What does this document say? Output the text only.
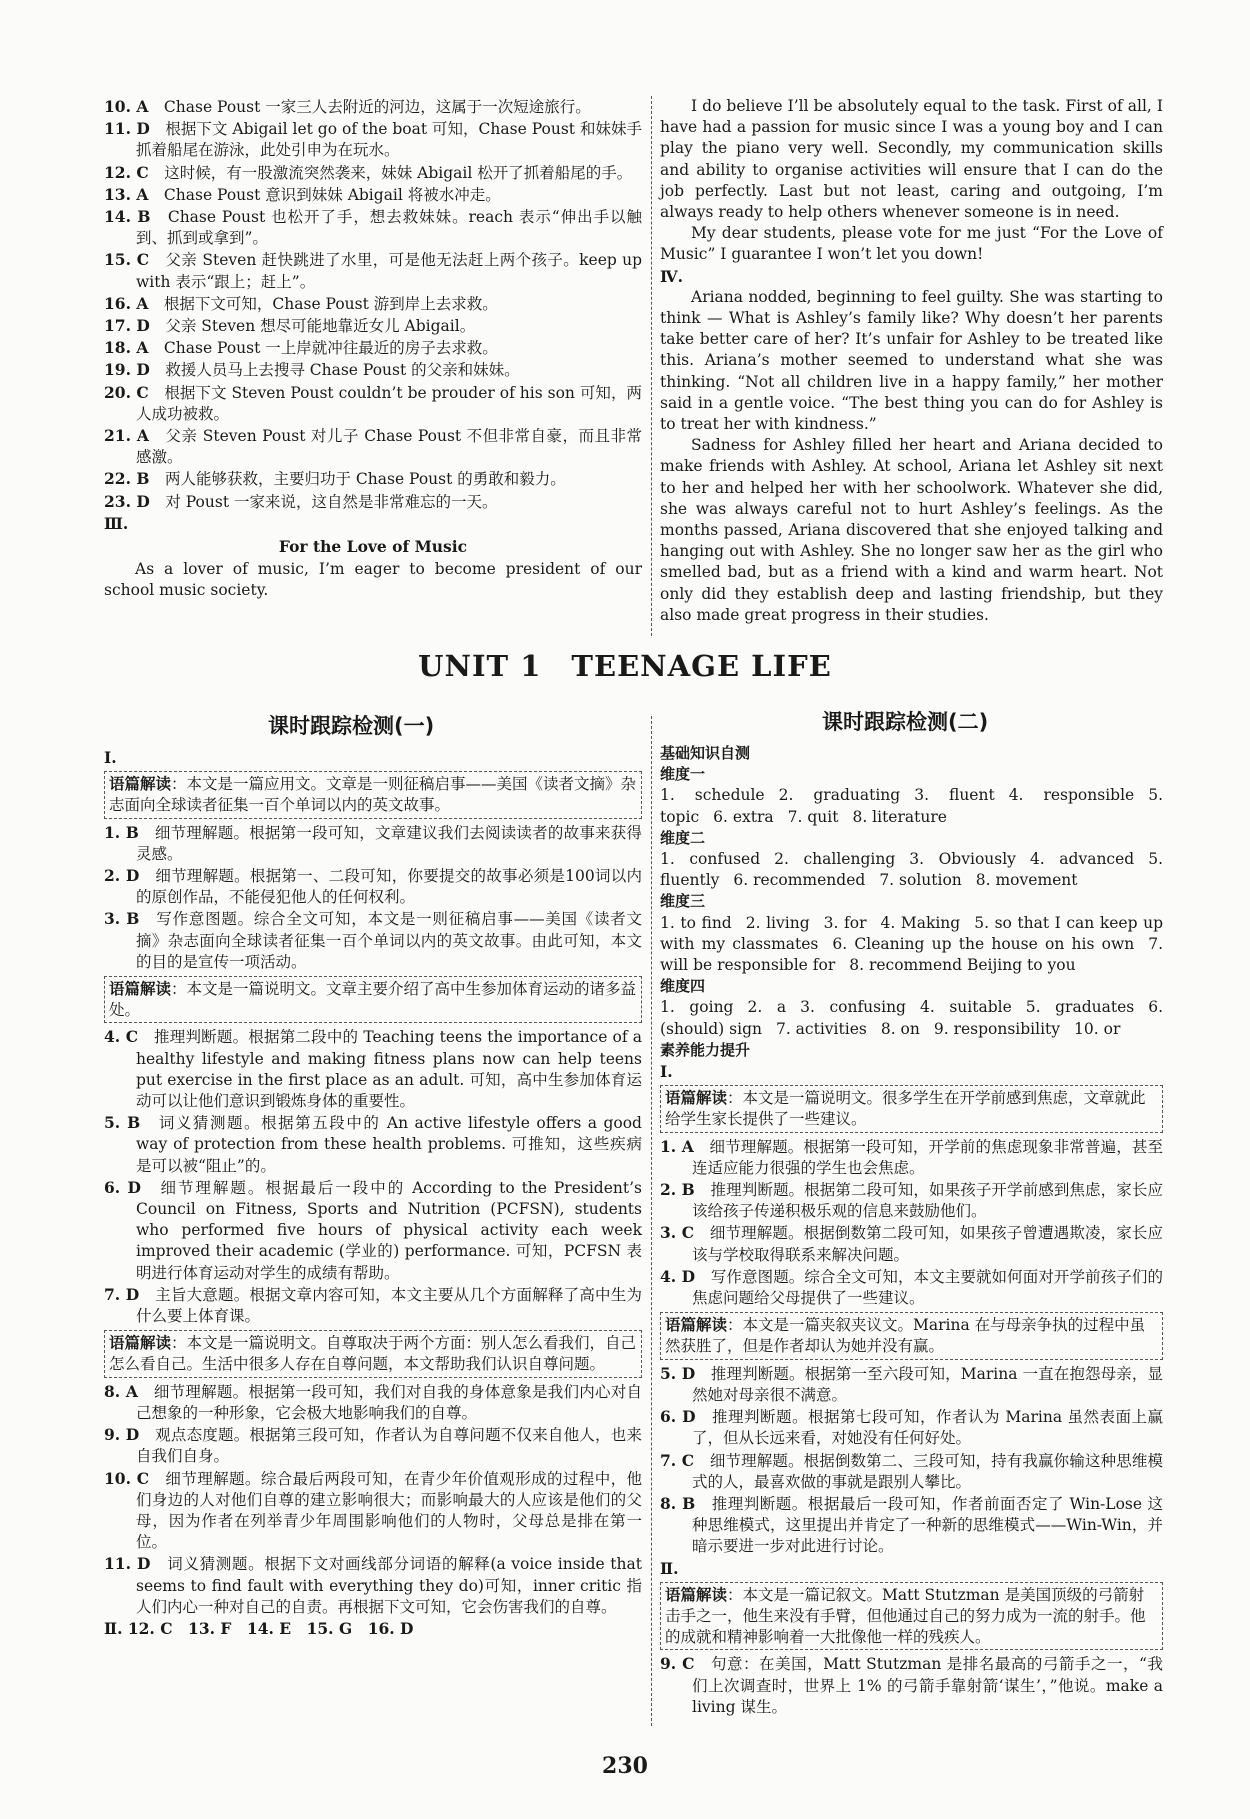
10. A　 Chase Poust 一家三人去附近的河边，这属于一次短途旅行。

11. D　 根据下文 Abigail let go of the boat 可知，Chase Poust 和妹妹手抓着船尾在游泳，此处引申为在玩水。

12. C　 这时候，有一股激流突然袭来，妹妹 Abigail 松开了抓着船尾的手。

13. A　 Chase Poust 意识到妹妹 Abigail 将被水冲走。

14. B　 Chase Poust 也松开了手，想去救妹妹。reach 表示“伸出手以触到、抓到或拿到”。

15. C　 父亲 Steven 赶快跳进了水里，可是他无法赶上两个孩子。keep up with 表示“跟上；赶上”。

16. A　 根据下文可知，Chase Poust 游到岸上去求救。

17. D　 父亲 Steven 想尽可能地靠近女儿 Abigail。

18. A　 Chase Poust 一上岸就冲往最近的房子去求救。

19. D　 救援人员马上去搜寻 Chase Poust 的父亲和妹妹。

20. C　 根据下文 Steven Poust couldn’t be prouder of his son 可知，两人成功被救。

21. A　 父亲 Steven Poust 对儿子 Chase Poust 不但非常自豪，而且非常感激。

22. B　 两人能够获救，主要归功于 Chase Poust 的勇敢和毅力。

23. D　 对 Poust 一家来说，这自然是非常难忘的一天。

Ⅲ.

For the Love of Music

As a lover of music, I’m eager to become president of our school music society.

I do believe I’ll be absolutely equal to the task. First of all, I have had a passion for music since I was a young boy and I can play the piano very well. Secondly, my communication skills and ability to organise activities will ensure that I can do the job perfectly. Last but not least, caring and outgoing, I’m always ready to help others whenever someone is in need.

My dear students, please vote for me just “For the Love of Music” I guarantee I won’t let you down!

Ⅳ.

Ariana nodded, beginning to feel guilty. She was starting to think — What is Ashley’s family like? Why doesn’t her parents take better care of her? It’s unfair for Ashley to be treated like this. Ariana’s mother seemed to understand what she was thinking. “Not all children live in a happy family,” her mother said in a gentle voice. “The best thing you can do for Ashley is to treat her with kindness.”

Sadness for Ashley filled her heart and Ariana decided to make friends with Ashley. At school, Ariana let Ashley sit next to her and helped her with her schoolwork. Whatever she did, she was always careful not to hurt Ashley’s feelings. As the months passed, Ariana discovered that she enjoyed talking and hanging out with Ashley. She no longer saw her as the girl who smelled bad, but as a friend with a kind and warm heart. Not only did they establish deep and lasting friendship, but they also made great progress in their studies.

UNIT 1　TEENAGE LIFE
课时跟踪检测(一)	课时跟踪检测(二)

Ⅰ.

语篇解读：本文是一篇应用文。文章是一则征稿启事——美国《读者文摘》杂志面向全球读者征集一百个单词以内的英文故事。

1. B　 细节理解题。根据第一段可知，文章建议我们去阅读读者的故事来获得灵感。

2. D　 细节理解题。根据第一、二段可知，你要提交的故事必须是100词以内的原创作品，不能侵犯他人的任何权利。

3. B　 写作意图题。综合全文可知，本文是一则征稿启事——美国《读者文摘》杂志面向全球读者征集一百个单词以内的英文故事。由此可知，本文的目的是宣传一项活动。

语篇解读：本文是一篇说明文。文章主要介绍了高中生参加体育运动的诸多益处。

4. C　 推理判断题。根据第二段中的 Teaching teens the importance of a healthy lifestyle and making fitness plans now can help teens put exercise in the first place as an adult. 可知，高中生参加体育运动可以让他们意识到锻炼身体的重要性。

5. B　 词义猜测题。根据第五段中的 An active lifestyle offers a good way of protection from these health problems. 可推知，这些疾病是可以被“阻止”的。

6. D　 细节理解题。根据最后一段中的 According to the President’s Council on Fitness, Sports and Nutrition (PCFSN), students who performed five hours of physical activity each week improved their academic (学业的) performance. 可知，PCFSN 表明进行体育运动对学生的成绩有帮助。

7. D　 主旨大意题。根据文章内容可知，本文主要从几个方面解释了高中生为什么要上体育课。

语篇解读：本文是一篇说明文。自尊取决于两个方面：别人怎么看我们，自己怎么看自己。生活中很多人存在自尊问题，本文帮助我们认识自尊问题。

8. A　 细节理解题。根据第一段可知，我们对自我的身体意象是我们内心对自己想象的一种形象，它会极大地影响我们的自尊。

9. D　 观点态度题。根据第三段可知，作者认为自尊问题不仅来自他人，也来自我们自身。

10. C　 细节理解题。综合最后两段可知，在青少年价值观形成的过程中，他们身边的人对他们自尊的建立影响很大；而影响最大的人应该是他们的父母，因为作者在列举青少年周围影响他们的人物时，父母总是排在第一位。

11. D　 词义猜测题。根据下文对画线部分词语的解释(a voice inside that seems to find fault with everything they do)可知，inner critic 指人们内心一种对自己的自责。再根据下文可知，它会伤害我们的自尊。

Ⅱ. 12. C　13. F　14. E　15. G　16. D

基础知识自测

维度一

1. schedule 2. graduating 3. fluent 4. responsible 5. topic 6. extra 7. quit 8. literature

维度二

1. confused 2. challenging 3. Obviously 4. advanced 5. fluently 6. recommended 7. solution 8. movement

维度三

1. to find 2. living 3. for 4. Making 5. so that I can keep up with my classmates 6. Cleaning up the house on his own 7. will be responsible for 8. recommend Beijing to you

维度四

1. going 2. a 3. confusing 4. suitable 5. graduates 6. (should) sign 7. activities 8. on 9. responsibility 10. or

素养能力提升

Ⅰ.

语篇解读：本文是一篇说明文。很多学生在开学前感到焦虑，文章就此给学生家长提供了一些建议。

1. A　 细节理解题。根据第一段可知，开学前的焦虑现象非常普遍，甚至连适应能力很强的学生也会焦虑。

2. B　 推理判断题。根据第二段可知，如果孩子开学前感到焦虑，家长应该给孩子传递积极乐观的信息来鼓励他们。

3. C　 细节理解题。根据倒数第二段可知，如果孩子曾遭遇欺凌，家长应该与学校取得联系来解决问题。

4. D　 写作意图题。综合全文可知，本文主要就如何面对开学前孩子们的焦虑问题给父母提供了一些建议。

语篇解读：本文是一篇夹叙夹议文。Marina 在与母亲争执的过程中虽然获胜了，但是作者却认为她并没有赢。

5. D　 推理判断题。根据第一至六段可知，Marina 一直在抱怨母亲，显然她对母亲很不满意。

6. D　 推理判断题。根据第七段可知，作者认为 Marina 虽然表面上赢了，但从长远来看，对她没有任何好处。

7. C　 细节理解题。根据倒数第二、三段可知，持有我赢你输这种思维模式的人，最喜欢做的事就是跟别人攀比。

8. B　 推理判断题。根据最后一段可知，作者前面否定了 Win-Lose 这种思维模式，这里提出并肯定了一种新的思维模式——Win-Win，并暗示要进一步对此进行讨论。

Ⅱ.

语篇解读：本文是一篇记叙文。Matt Stutzman 是美国顶级的弓箭射击手之一，他生来没有手臂，但他通过自己的努力成为一流的射手。他的成就和精神影响着一大批像他一样的残疾人。

9. C　 句意：在美国，Matt Stutzman 是排名最高的弓箭手之一，“我们上次调查时，世界上 1% 的弓箭手靠射箭‘谋生’，”他说。make a living 谋生。

230
